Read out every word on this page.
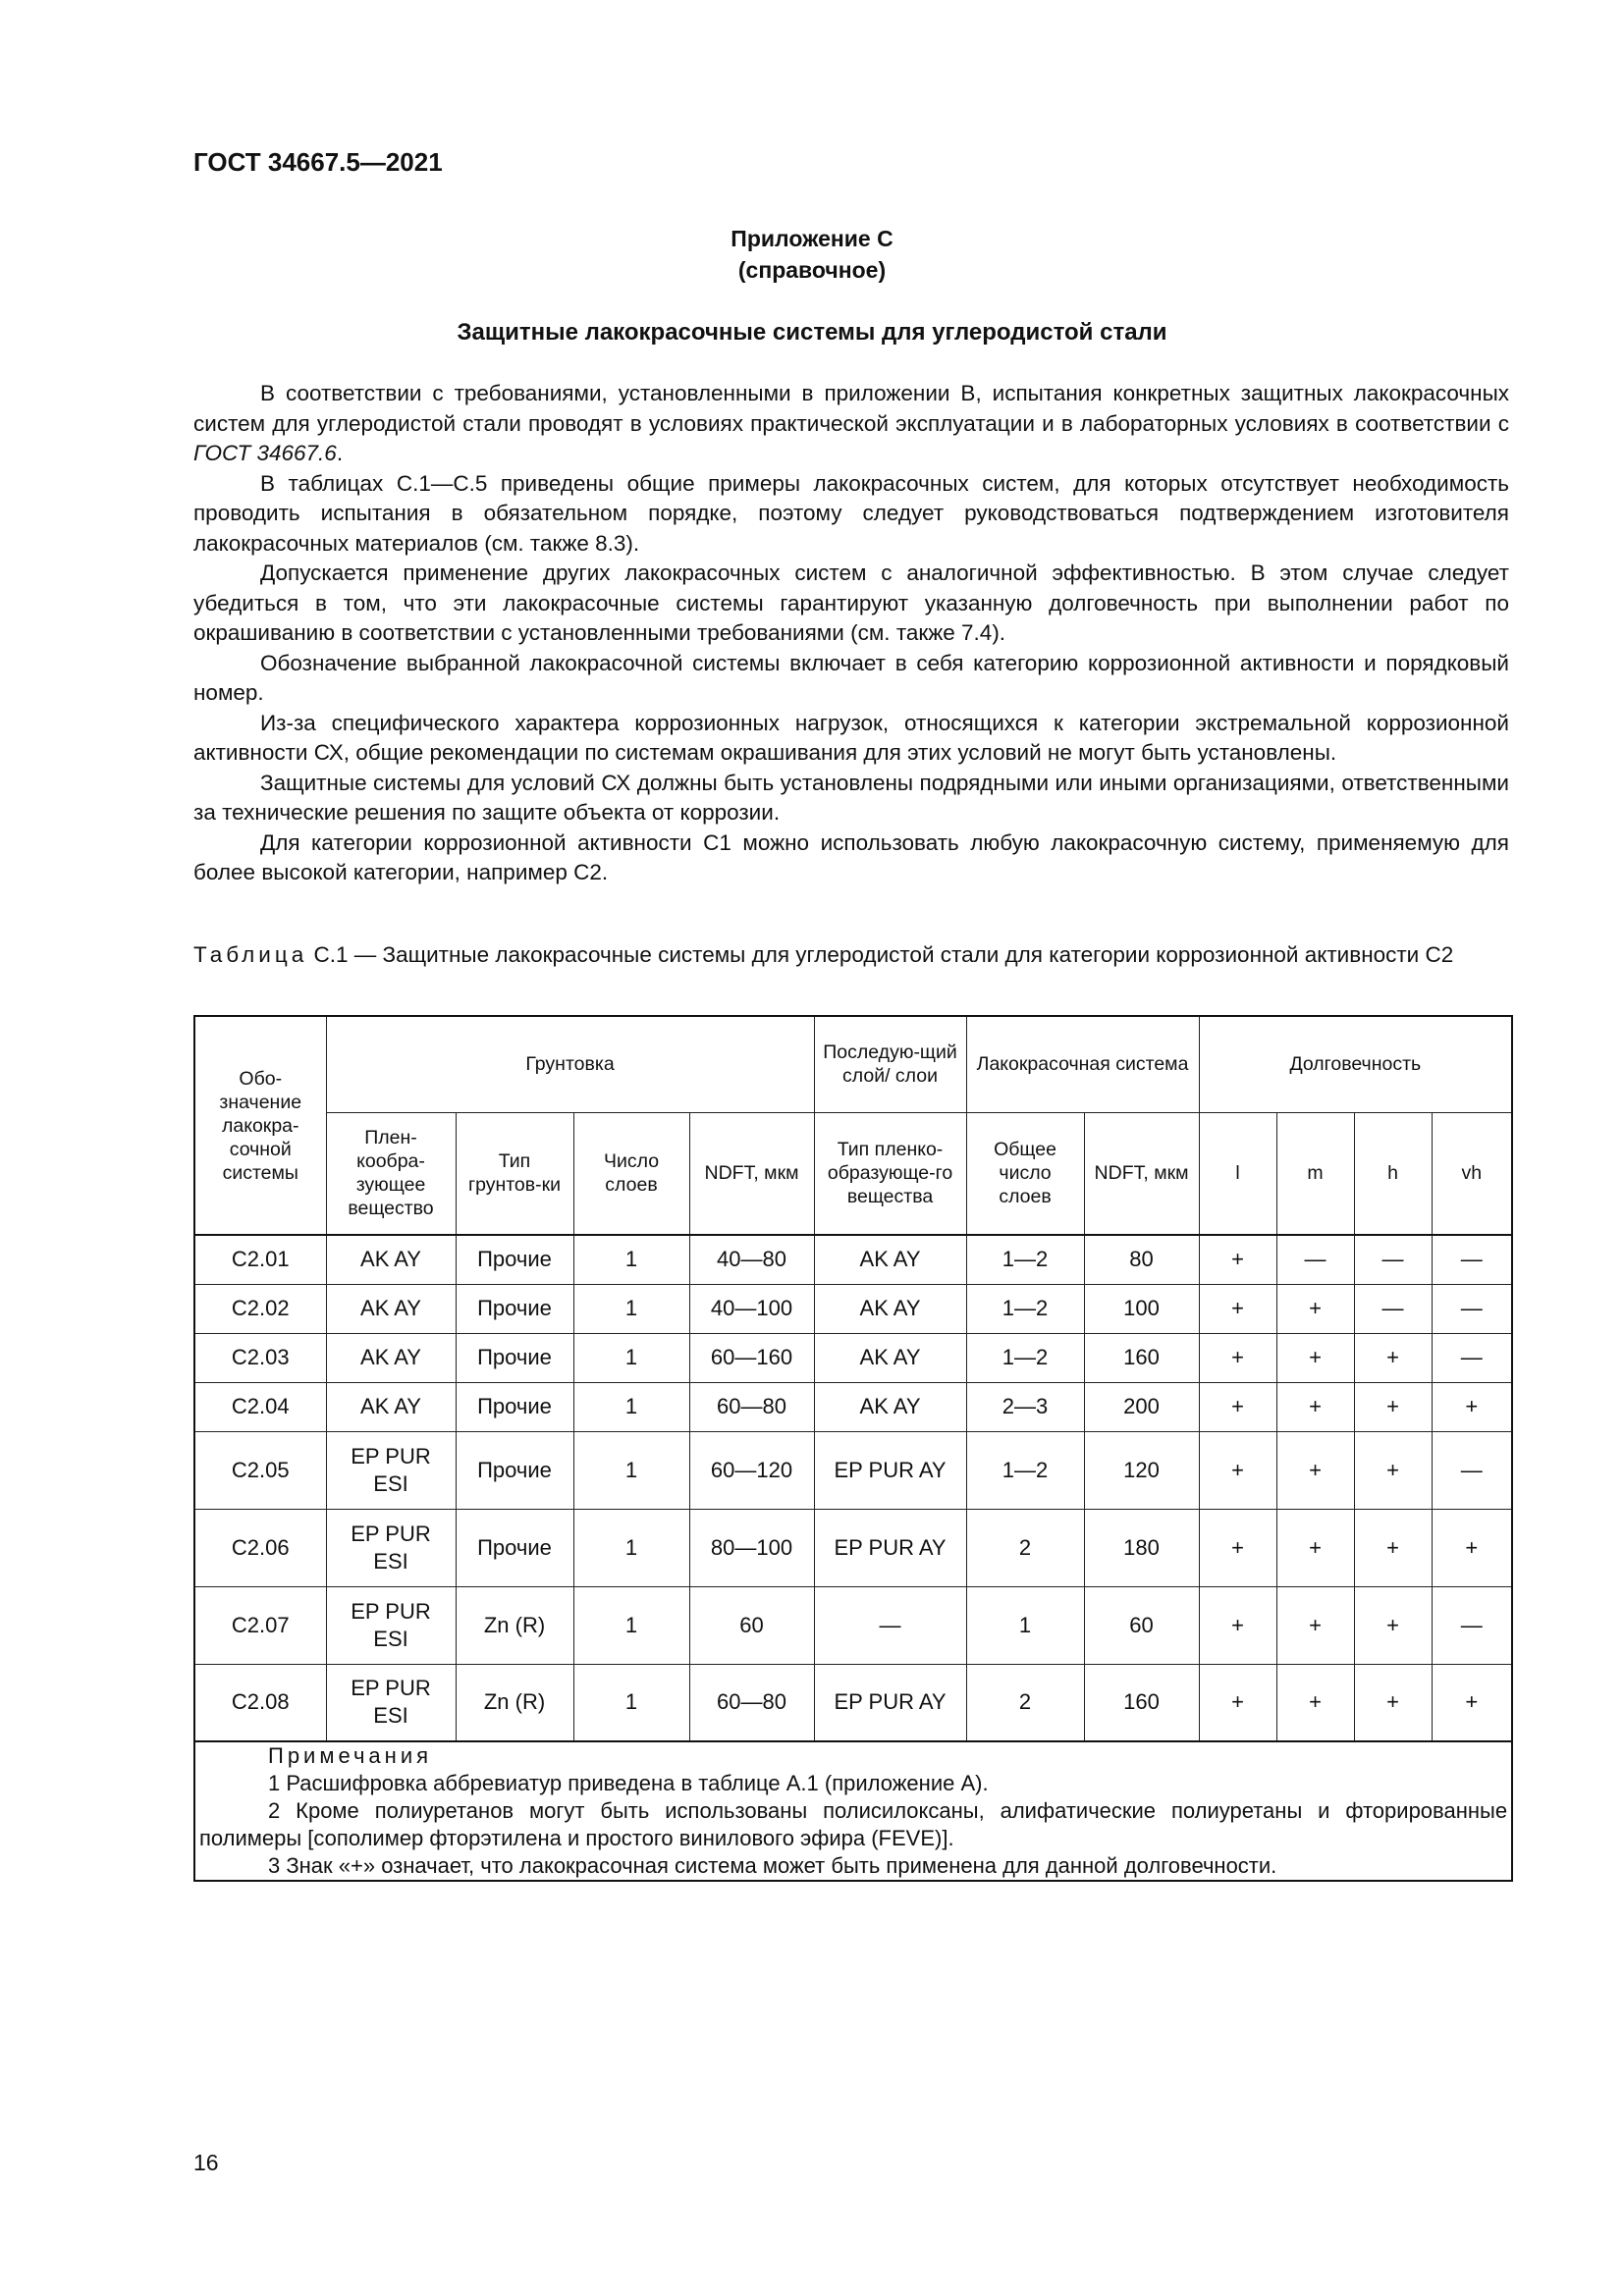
ГОСТ 34667.5—2021
Приложение С
(справочное)
Защитные лакокрасочные системы для углеродистой стали

В соответствии с требованиями, установленными в приложении В, испытания конкретных защитных лакокрасочных систем для углеродистой стали проводят в условиях практической эксплуатации и в лабораторных условиях в соответствии с ГОСТ 34667.6.

В таблицах С.1—С.5 приведены общие примеры лакокрасочных систем, для которых отсутствует необходимость проводить испытания в обязательном порядке, поэтому следует руководствоваться подтверждением изготовителя лакокрасочных материалов (см. также 8.3).

Допускается применение других лакокрасочных систем с аналогичной эффективностью. В этом случае следует убедиться в том, что эти лакокрасочные системы гарантируют указанную долговечность при выполнении работ по окрашиванию в соответствии с установленными требованиями (см. также 7.4).

Обозначение выбранной лакокрасочной системы включает в себя категорию коррозионной активности и порядковый номер.

Из-за специфического характера коррозионных нагрузок, относящихся к категории экстремальной коррозионной активности СХ, общие рекомендации по системам окрашивания для этих условий не могут быть установлены.

Защитные системы для условий СХ должны быть установлены подрядными или иными организациями, ответственными за технические решения по защите объекта от коррозии.

Для категории коррозионной активности С1 можно использовать любую лакокрасочную систему, применяемую для более высокой категории, например С2.

Таблица С.1 — Защитные лакокрасочные системы для углеродистой стали для категории коррозионной активности С2
Обо-значение лакокра-сочной системы	Грунтовка				Последую-щий слой/ слои	Лакокрасочная система		Долговечность			
	Плен-кообра-зующее вещество	Тип грунтов-ки	Число слоев	NDFT, мкм	Тип пленко-образующе-го вещества	Общее число слоев	NDFT, мкм	l	m	h	vh
С2.01	AK AY	Прочие	1	40—80	AK AY	1—2	80	+	—	—	—
С2.02	AK AY	Прочие	1	40—100	AK AY	1—2	100	+	+	—	—
С2.03	AK AY	Прочие	1	60—160	AK AY	1—2	160	+	+	+	—
С2.04	AK AY	Прочие	1	60—80	AK AY	2—3	200	+	+	+	+
С2.05	EP PUR ESI	Прочие	1	60—120	EP PUR AY	1—2	120	+	+	+	—
С2.06	EP PUR ESI	Прочие	1	80—100	EP PUR AY	2	180	+	+	+	+
С2.07	EP PUR ESI	Zn (R)	1	60	—	1	60	+	+	+	—
С2.08	EP PUR ESI	Zn (R)	1	60—80	EP PUR AY	2	160	+	+	+	+

Примечания

1 Расшифровка аббревиатур приведена в таблице А.1 (приложение А).

2 Кроме полиуретанов могут быть использованы полисилоксаны, алифатические полиуретаны и фторированные полимеры [сополимер фторэтилена и простого винилового эфира (FEVE)].

3 Знак «+» означает, что лакокрасочная система может быть применена для данной долговечности.											

16
